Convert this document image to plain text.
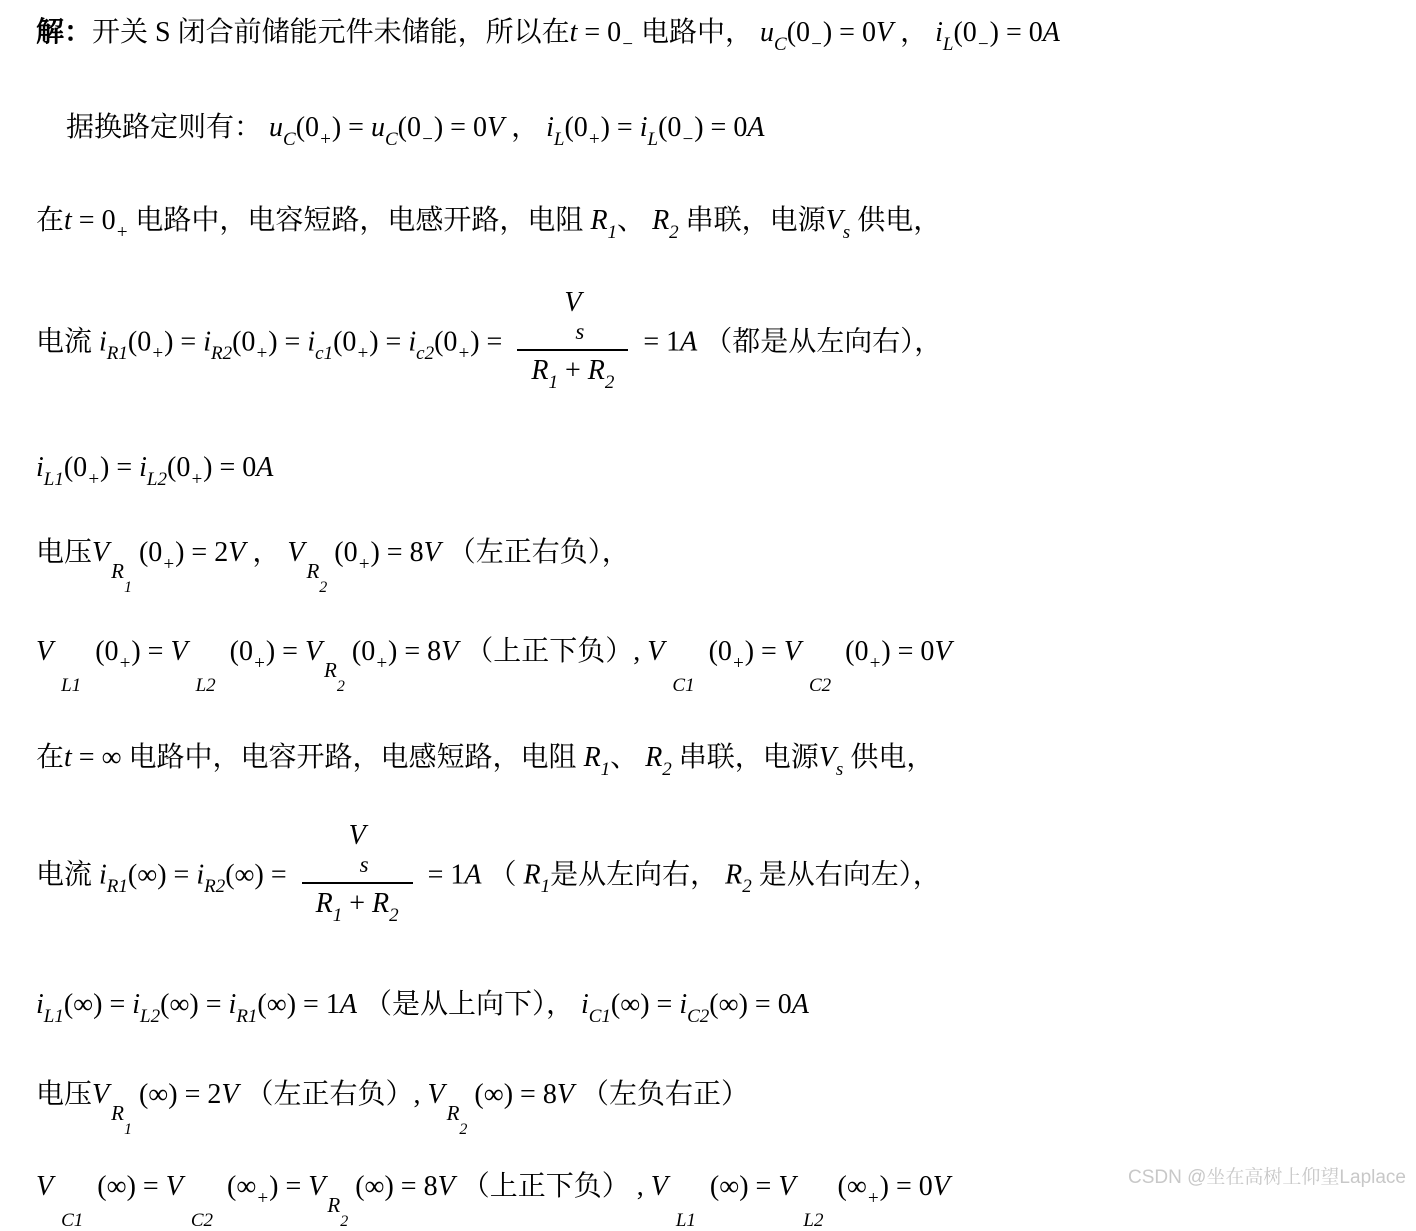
解：开关 S 闭合前储能元件未储能，所以在$t = 0_-$ 电路中， $u_C(0_-) = 0V$ ， $i_L(0_-) = 0A$
据换路定则有： $u_C(0_+) = u_C(0_-) = 0V$ ， $i_L(0_+) = i_L(0_-) = 0A$
在$t = 0_+$ 电路中，电容短路，电感开路，电阻 $R_1$、 $R_2$ 串联，电源$V_s$ 供电，
电流 $i_{R1}(0_+) = i_{R2}(0_+) = i_{c1}(0_+) = i_{c2}(0_+)$ =
V
s
$R_1 + R_2$
= 1A （都是从左向右），
$i_{L1}(0_+) = i_{L2}(0_+) = 0A$
电压$V_{R1}$ $(0_+) = 2V$ ， $V_{R2}$ $(0_+) = 8V$ （左正右负），
$V_{L1}(0_+) = V_{L2}(0_+) = V_{R2}$ $(0_+) = 8V$ （上正下负）, $V_{C1}(0_+) = V_{C2}(0_+) = 0V$
在t = ∞ 电路中，电容开路，电感短路，电阻 $R_1$、 $R_2$ 串联，电源$V_s$ 供电，
电流 $i_{R1}(\infty) = i_{R2}(\infty)$ =
V
s
$R_1 + R_2$
= 1A （ $R_1$是从左向右， $R_2$ 是从右向左），
$i_{L1}(\infty) = i_{L2}(\infty) = i_{R1}(\infty) = 1A$ （是从上向下）， $i_{C1}(\infty) = i_{C2}(\infty) = 0A$
电压$V_{R1}$ (∞) = 2V （左正右负）, $V_{R2}$ (∞) = 8V （左负右正）
$V_{C1}(\infty) = V_{C2}(\infty_+) = V_{R2}$ (∞) = 8V （上正下负） , $V_{L1}(\infty) = V_{L2}(\infty_+) = 0V$	CSDN @坐在高树上仰望Laplace
